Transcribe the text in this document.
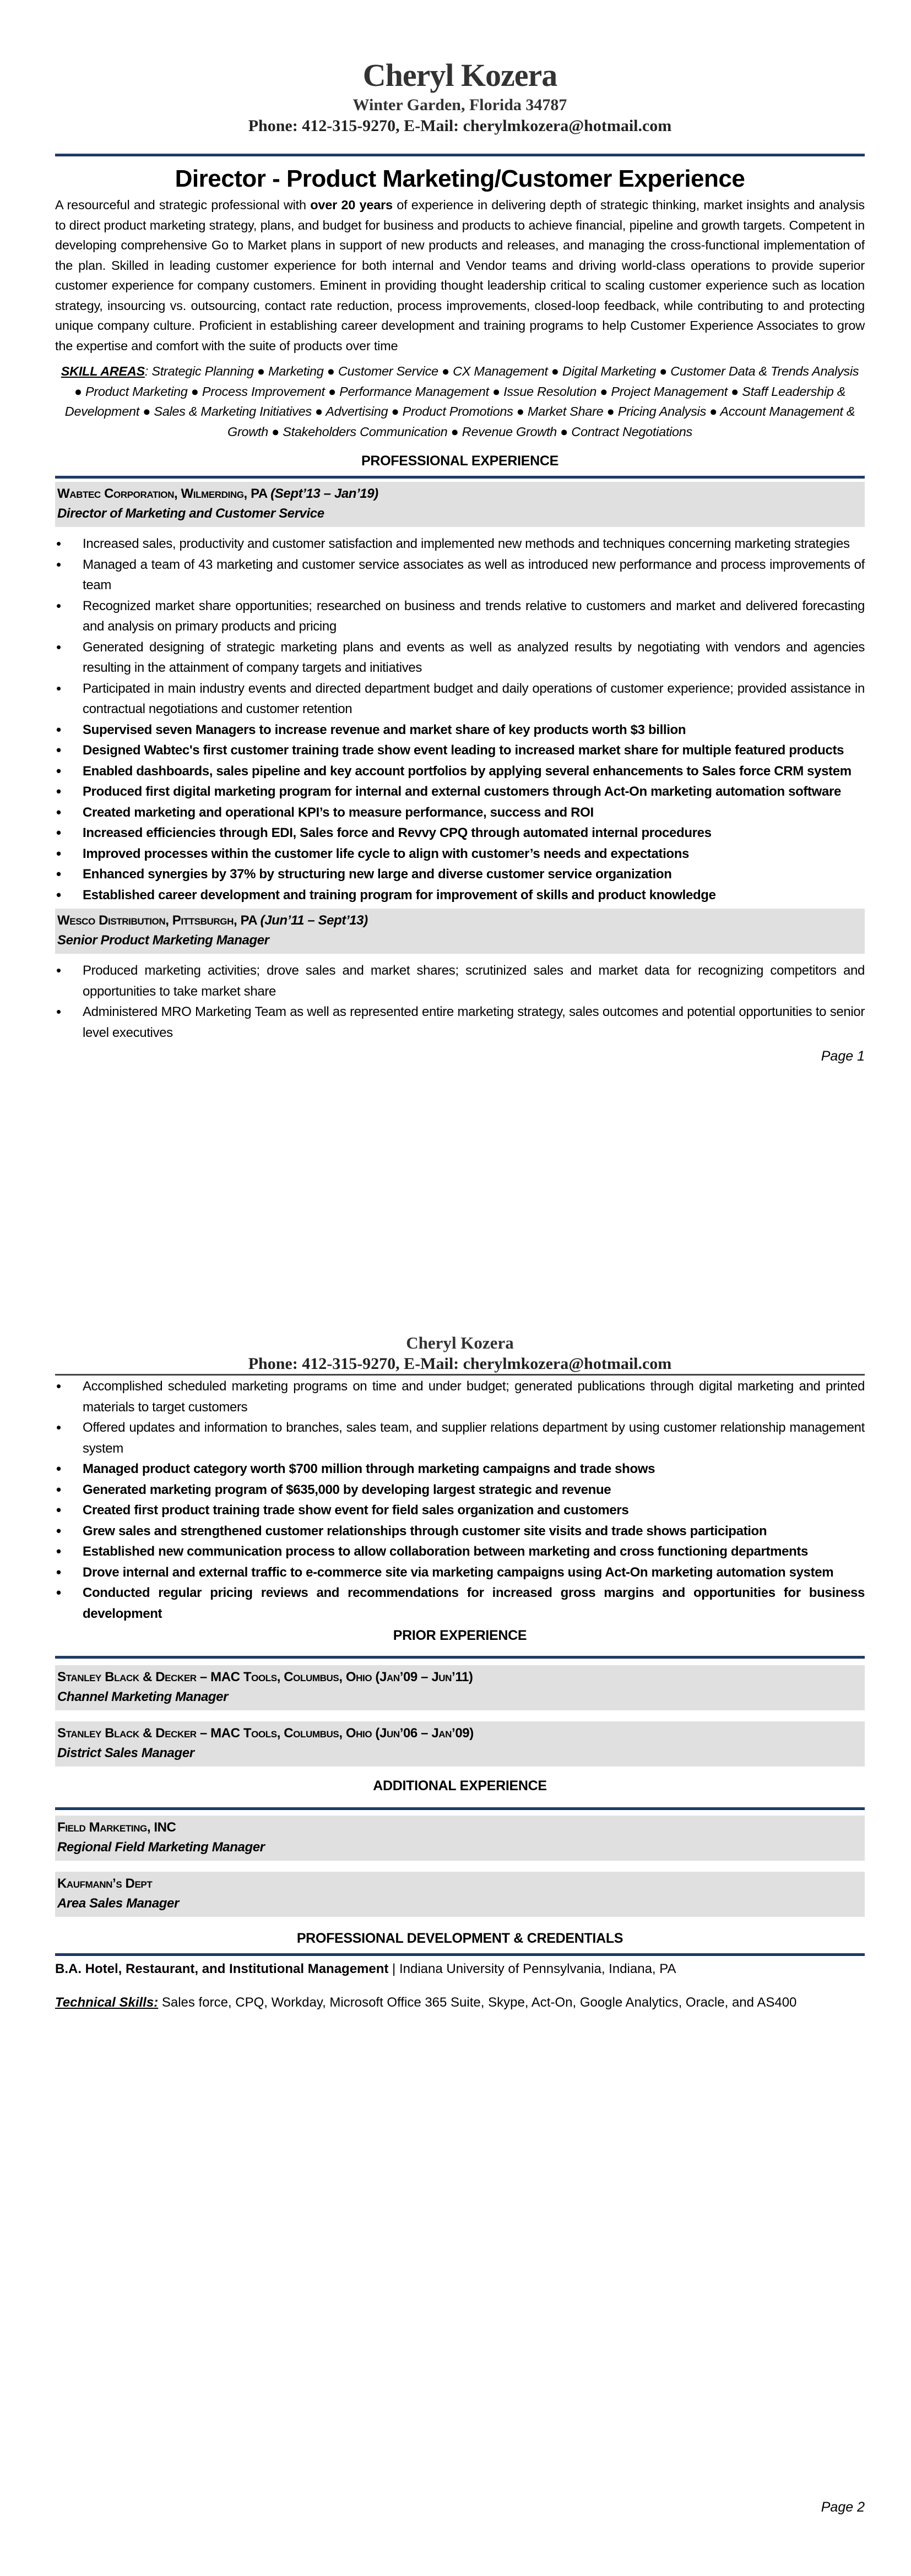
Cheryl Kozera
Winter Garden, Florida 34787
Phone: 412-315-9270, E-Mail: cherylmkozera@hotmail.com
Director - Product Marketing/Customer Experience

A resourceful and strategic professional with over 20 years of experience in delivering depth of strategic thinking, market insights and analysis to direct product marketing strategy, plans, and budget for business and products to achieve financial, pipeline and growth targets. Competent in developing comprehensive Go to Market plans in support of new products and releases, and managing the cross-functional implementation of the plan. Skilled in leading customer experience for both internal and Vendor teams and driving world-class operations to provide superior customer experience for company customers. Eminent in providing thought leadership critical to scaling customer experience such as location strategy, insourcing vs. outsourcing, contact rate reduction, process improvements, closed-loop feedback, while contributing to and protecting unique company culture. Proficient in establishing career development and training programs to help Customer Experience Associates to grow the expertise and comfort with the suite of products over time

SKILL AREAS: Strategic Planning ● Marketing ● Customer Service ● CX Management ● Digital Marketing ● Customer Data & Trends Analysis ● Product Marketing ● Process Improvement ● Performance Management ● Issue Resolution ● Project Management ● Staff Leadership & Development ● Sales & Marketing Initiatives ● Advertising ● Product Promotions ● Market Share ● Pricing Analysis ● Account Management & Growth ● Stakeholders Communication ● Revenue Growth ● Contract Negotiations

PROFESSIONAL EXPERIENCE
Wabtec Corporation, Wilmerding, PA (Sept’13 – Jan’19)
Director of Marketing and Customer Service
• Increased sales, productivity and customer satisfaction and implemented new methods and techniques concerning marketing strategies
• Managed a team of 43 marketing and customer service associates as well as introduced new performance and process improvements of team
• Recognized market share opportunities; researched on business and trends relative to customers and market and delivered forecasting and analysis on primary products and pricing
• Generated designing of strategic marketing plans and events as well as analyzed results by negotiating with vendors and agencies resulting in the attainment of company targets and initiatives
• Participated in main industry events and directed department budget and daily operations of customer experience; provided assistance in contractual negotiations and customer retention
• Supervised seven Managers to increase revenue and market share of key products worth $3 billion
• Designed Wabtec's first customer training trade show event leading to increased market share for multiple featured products
• Enabled dashboards, sales pipeline and key account portfolios by applying several enhancements to Sales force CRM system
• Produced first digital marketing program for internal and external customers through Act-On marketing automation software
• Created marketing and operational KPI’s to measure performance, success and ROI
• Increased efficiencies through EDI, Sales force and Revvy CPQ through automated internal procedures
• Improved processes within the customer life cycle to align with customer’s needs and expectations
• Enhanced synergies by 37% by structuring new large and diverse customer service organization
• Established career development and training program for improvement of skills and product knowledge
Wesco Distribution, Pittsburgh, PA (Jun’11 – Sept’13)
Senior Product Marketing Manager
• Produced marketing activities; drove sales and market shares; scrutinized sales and market data for recognizing competitors and opportunities to take market share
• Administered MRO Marketing Team as well as represented entire marketing strategy, sales outcomes and potential opportunities to senior level executives
Page 1
Cheryl Kozera
Phone: 412-315-9270, E-Mail: cherylmkozera@hotmail.com
• Accomplished scheduled marketing programs on time and under budget; generated publications through digital marketing and printed materials to target customers
• Offered updates and information to branches, sales team, and supplier relations department by using customer relationship management system
• Managed product category worth $700 million through marketing campaigns and trade shows
• Generated marketing program of $635,000 by developing largest strategic and revenue
• Created first product training trade show event for field sales organization and customers
• Grew sales and strengthened customer relationships through customer site visits and trade shows participation
• Established new communication process to allow collaboration between marketing and cross functioning departments
• Drove internal and external traffic to e-commerce site via marketing campaigns using Act-On marketing automation system
• Conducted regular pricing reviews and recommendations for increased gross margins and opportunities for business development
PRIOR EXPERIENCE
Stanley Black & Decker – MAC Tools, Columbus, Ohio (Jan’09 – Jun’11)
Channel Marketing Manager
Stanley Black & Decker – MAC Tools, Columbus, Ohio (Jun’06 – Jan’09)
District Sales Manager
ADDITIONAL EXPERIENCE
Field Marketing, INC
Regional Field Marketing Manager
Kaufmann’s Dept
Area Sales Manager
PROFESSIONAL DEVELOPMENT & CREDENTIALS

B.A. Hotel, Restaurant, and Institutional Management | Indiana University of Pennsylvania, Indiana, PA

Technical Skills: Sales force, CPQ, Workday, Microsoft Office 365 Suite, Skype, Act-On, Google Analytics, Oracle, and AS400

Page 2
